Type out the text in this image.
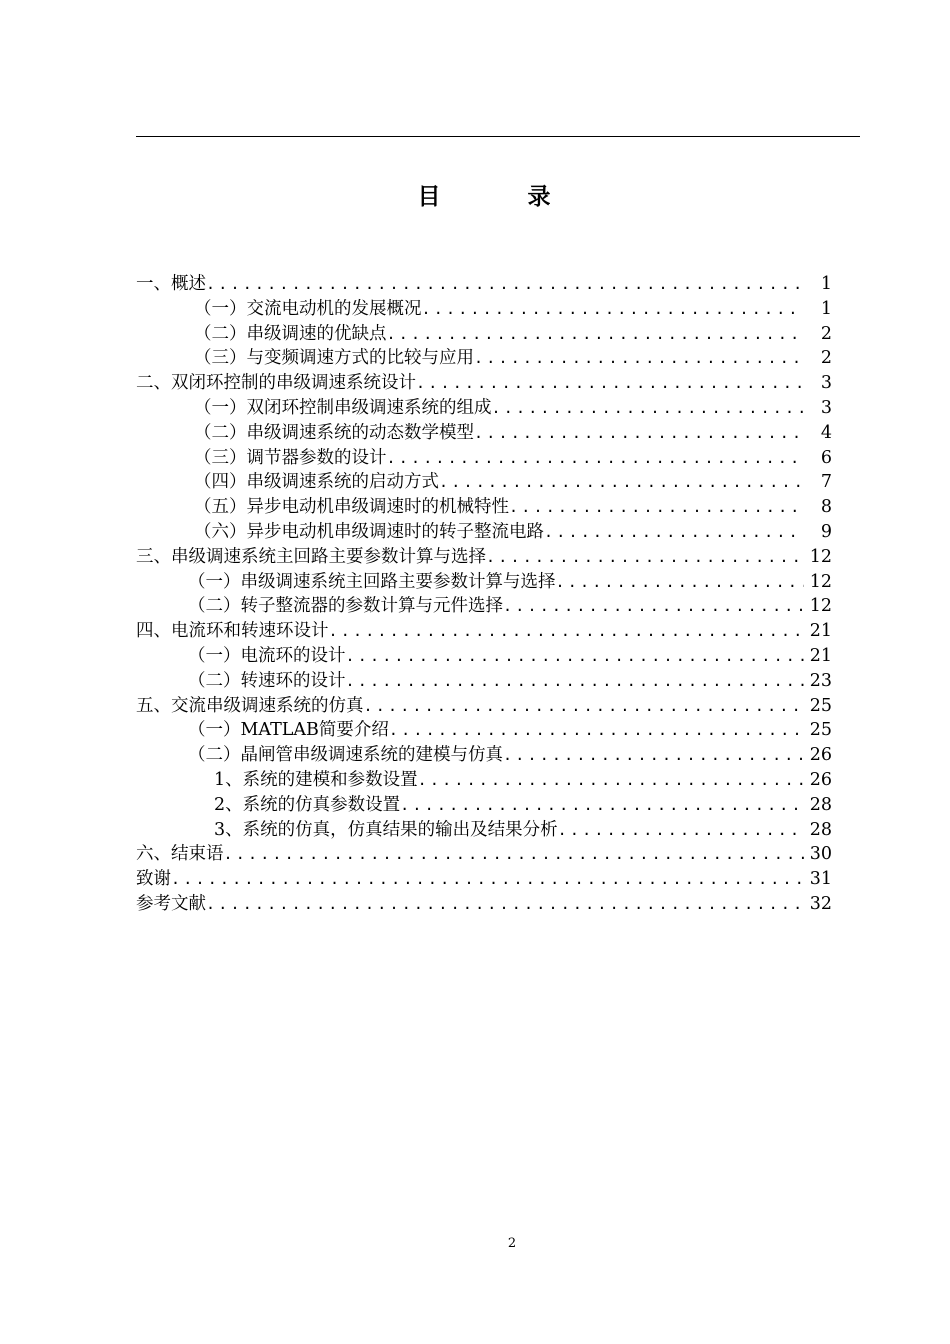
目　录
一、概述 .....	1
（一）交流电动机的发展概况 .....	1
（二）串级调速的优缺点 .....	2
（三）与变频调速方式的比较与应用 .....	2
二、双闭环控制的串级调速系统设计 .....	3
（一）双闭环控制串级调速系统的组成 .....	3
（二）串级调速系统的动态数学模型 .....	4
（三）调节器参数的设计 .....	6
（四）串级调速系统的启动方式 .....	7
（五）异步电动机串级调速时的机械特性 .....	8
（六）异步电动机串级调速时的转子整流电路 .....	9
三、串级调速系统主回路主要参数计算与选择 .....	12
（一）串级调速系统主回路主要参数计算与选择 .....	12
（二）转子整流器的参数计算与元件选择 .....	12
四、电流环和转速环设计 .....	21
（一）电流环的设计 .....	21
（二）转速环的设计 .....	23
五、交流串级调速系统的仿真 .....	25
（一）MATLAB简要介绍 .....	25
（二）晶闸管串级调速系统的建模与仿真 .....	26
1、系统的建模和参数设置 .....	26
2、系统的仿真参数设置 .....	28
3、系统的仿真，仿真结果的输出及结果分析 .....	28
六、结束语 .....	30
致谢 .....	31
参考文献 .....	32
2
